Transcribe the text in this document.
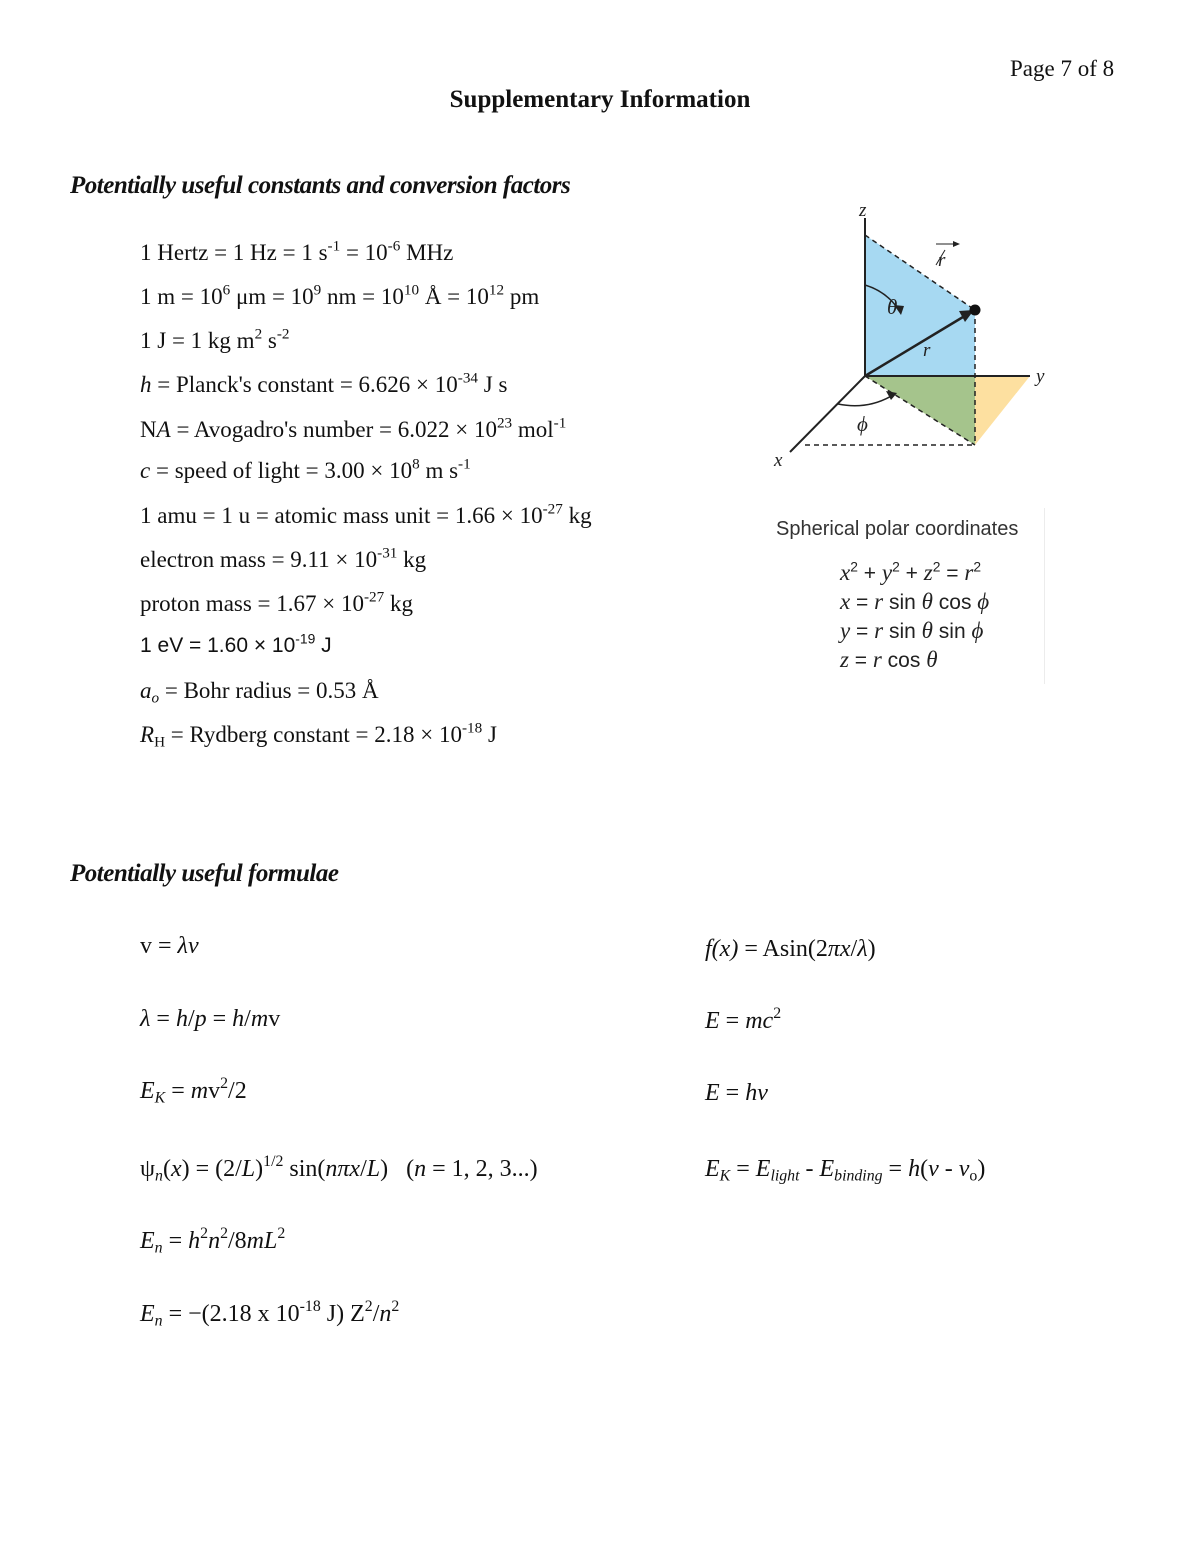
Page 7 of 8
Supplementary Information
Potentially useful constants and conversion factors
1 Hertz = 1 Hz = 1 $s^{-1} = 10^{-6}$ MHz
1 $m = 10^6$ $\mu m = 10^9$ nm = $10^{10}$ Å = $10^{12}$ pm
1 J = 1 kg $m^2$ $s^{-2}$
h = Planck's constant = $6.626 \times 10^{-34}$ J s
NA = Avogadro's number = $6.022 \times 10^{23}$ mol$^{-1}$
c = speed of light = $3.00 \times 10^8$ m $s^{-1}$
1 amu = 1 u = atomic mass unit = $1.66 \times 10^{-27}$ kg
electron mass = $9.11 \times 10^{-31}$ kg
proton mass = $1.67 \times 10^{-27}$ kg
1 eV = $1.60 \times 10^{-19}$ J
$a_o$ = Bohr radius = 0.53 Å
$R_H$ = Rydberg constant = $2.18 \times 10^{-18}$ J
z
y
x
θ
ϕ
r
r
Spherical polar coordinates
$x^2 + y^2 + z^2 = r^2$
x = r sin θ cos ϕ
y = r sin θ sin ϕ
z = r cos θ
Potentially useful formulae
v = λν
λ = h/p = h/mv
$E_K = mv^2/2$
$\psi_n(x) = (2/L)^{1/2}$ sin(nπx/L)   (n = 1, 2, 3...)
$E_n = h^2n^2/8mL^2$
$E_n = -(2.18$ x $10^{-18}$ J) $Z^2/n^2$
f(x) = Asin(2πx/λ)
$E = mc^2$
E = hν
$E_K = E_{light} - E_{binding} = h(\nu - \nu_o)$
